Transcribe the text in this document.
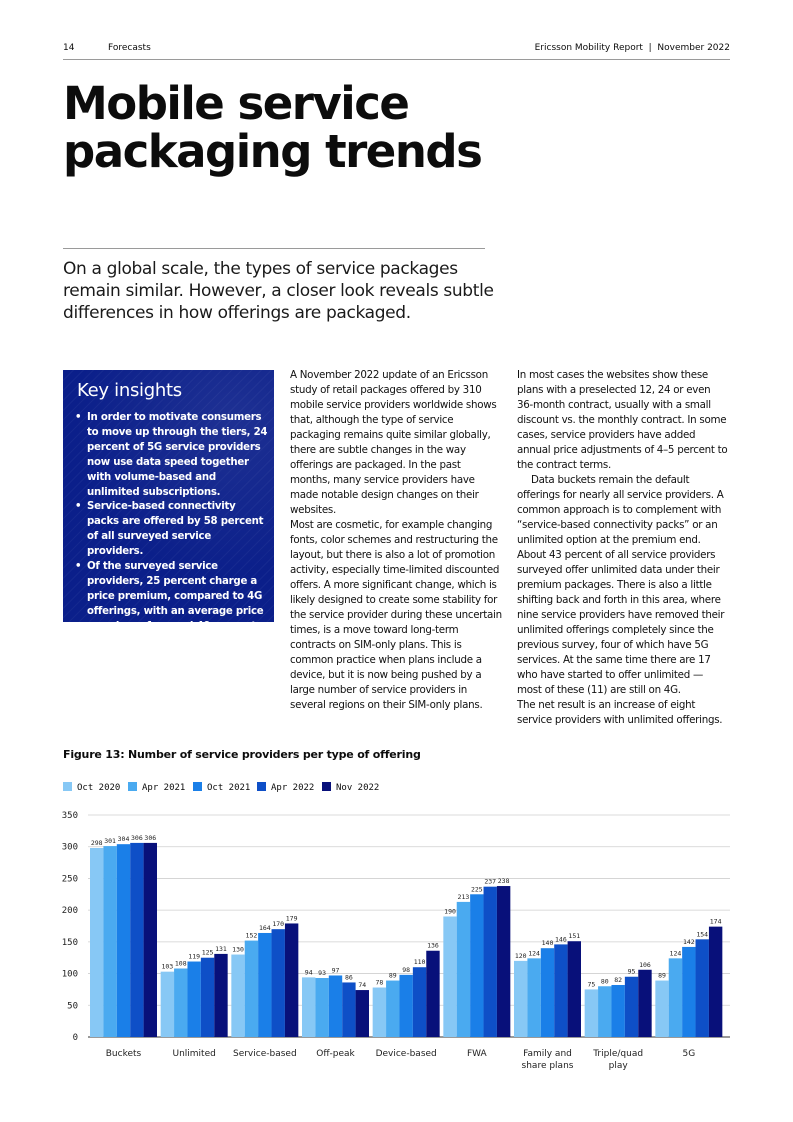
14	Forecasts	Ericsson Mobility Report  |  November 2022
Mobile service packaging trends

On a global scale, the types of service packages remain similar. However, a closer look reveals subtle differences in how offerings are packaged.

Key insights
• In order to motivate consumers to move up through the tiers, 24 percent of 5G service providers now use data speed together with volume-based and unlimited subscriptions.
• Service-based connectivity packs are offered by 58 percent of all surveyed service providers.
• Of the surveyed service providers, 25 percent charge a price premium, compared to 4G offerings, with an average price premium of around 40 percent.

A November 2022 update of an Ericsson study of retail packages offered by 310 mobile service providers worldwide shows that, although the type of service packaging remains quite similar globally, there are subtle changes in the way offerings are packaged. In the past months, many service providers have made notable design changes on their websites.

Most are cosmetic, for example changing fonts, color schemes and restructuring the layout, but there is also a lot of promotion activity, especially time-limited discounted offers. A more significant change, which is likely designed to create some stability for the service provider during these uncertain times, is a move toward long-term contracts on SIM-only plans. This is common practice when plans include a device, but it is now being pushed by a large number of service providers in several regions on their SIM-only plans.

In most cases the websites show these plans with a preselected 12, 24 or even 36-month contract, usually with a small discount vs. the monthly contract. In some cases, service providers have added annual price adjustments of 4–5 percent to the contract terms.

Data buckets remain the default offerings for nearly all service providers. A common approach is to complement with “service-based connectivity packs” or an unlimited option at the premium end. About 43 percent of all service providers surveyed offer unlimited data under their premium packages. There is also a little shifting back and forth in this area, where nine service providers have removed their unlimited offerings completely since the previous survey, four of which have 5G services. At the same time there are 17 who have started to offer unlimited — most of these (11) are still on 4G.

The net result is an increase of eight service providers with unlimited offerings.

Figure 13: Number of service providers per type of offering
Oct 2020	Apr 2021	Oct 2021	Apr 2022	Nov 2022
0
50
100
150
200
250
300
350
298 301 304 306 306
Buckets
103 108
119 125 131
Unlimited
130
152
164 170
179
Service-based
94 93 97
86
74
Off-peak
78
89
98
110
136
Device-based
190
213
225
237 238
FWA
120 124
140 146 151
Family and
share plans
75 80 82
95
106
Triple/quad
play
89
124
142
154
174
5G
